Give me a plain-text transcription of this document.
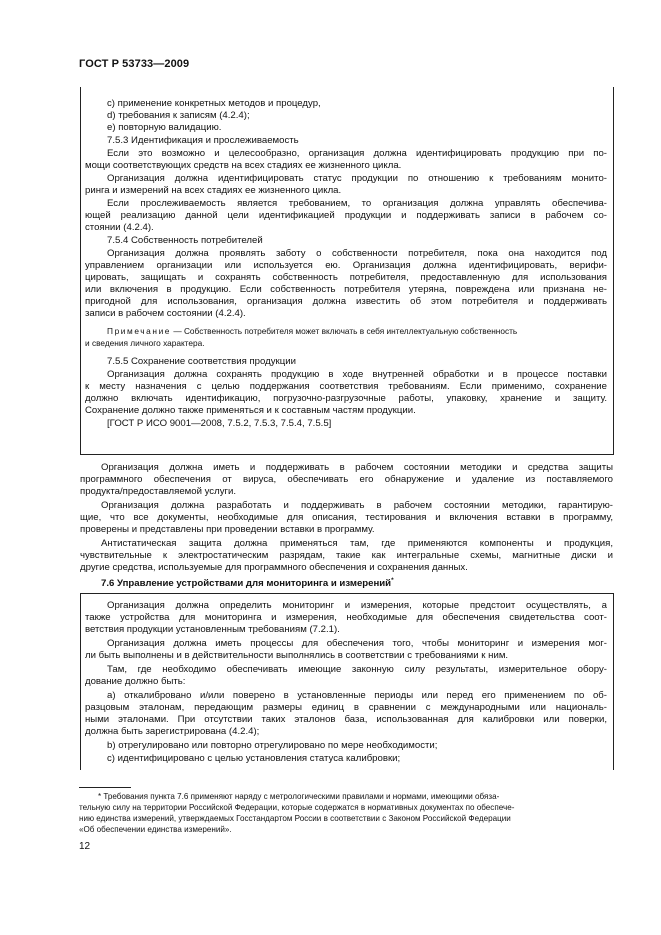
ГОСТ Р 53733—2009
c) применение конкретных методов и процедур,
d) требования к записям (4.2.4);
e) повторную валидацию.
7.5.3 Идентификация и прослеживаемость
Если это возможно и целесообразно, организация должна идентифицировать продукцию при по-
мощи соответствующих средств на всех стадиях ее жизненного цикла.
Организация должна идентифицировать статус продукции по отношению к требованиям монито-
ринга и измерений на всех стадиях ее жизненного цикла.
Если прослеживаемость является требованием, то организация должна управлять обеспечива-
ющей реализацию данной цели идентификацией продукции и поддерживать записи в рабочем со-
стоянии (4.2.4).
7.5.4 Собственность потребителей
Организация должна проявлять заботу о собственности потребителя, пока она находится под
управлением организации или используется ею. Организация должна идентифицировать, верифи-
цировать, защищать и сохранять собственность потребителя, предоставленную для использования
или включения в продукцию. Если собственность потребителя утеряна, повреждена или признана не-
пригодной для использования, организация должна известить об этом потребителя и поддерживать
записи в рабочем состоянии (4.2.4).
Примечание — Собственность потребителя может включать в себя интеллектуальную собственность
и сведения личного характера.
7.5.5 Сохранение соответствия продукции
Организация должна сохранять продукцию в ходе внутренней обработки и в процессе поставки
к месту назначения с целью поддержания соответствия требованиям. Если применимо, сохранение
должно включать идентификацию, погрузочно-разгрузочные работы, упаковку, хранение и защиту.
Сохранение должно также применяться и к составным частям продукции.
[ГОСТ Р ИСО 9001—2008, 7.5.2, 7.5.3, 7.5.4, 7.5.5]
Организация должна иметь и поддерживать в рабочем состоянии методики и средства защиты
программного обеспечения от вируса, обеспечивать его обнаружение и удаление из поставляемого
продукта/предоставляемой услуги.
Организация должна разработать и поддерживать в рабочем состоянии методики, гарантирую-
щие, что все документы, необходимые для описания, тестирования и включения вставки в программу,
проверены и представлены при проведении вставки в программу.
Антистатическая защита должна применяться там, где применяются компоненты и продукция,
чувствительные к электростатическим разрядам, такие как интегральные схемы, магнитные диски и
другие средства, используемые для программного обеспечения и сохранения данных.
7.6 Управление устройствами для мониторинга и измерений*
Организация должна определить мониторинг и измерения, которые предстоит осуществлять, а
также устройства для мониторинга и измерения, необходимые для обеспечения свидетельства соот-
ветствия продукции установленным требованиям (7.2.1).
Организация должна иметь процессы для обеспечения того, чтобы мониторинг и измерения мог-
ли быть выполнены и в действительности выполнялись в соответствии с требованиями к ним.
Там, где необходимо обеспечивать имеющие законную силу результаты, измерительное обору-
дование должно быть:
a) откалибровано и/или поверено в установленные периоды или перед его применением по об-
разцовым эталонам, передающим размеры единиц в сравнении с международными или националь-
ными эталонами. При отсутствии таких эталонов база, использованная для калибровки или поверки,
должна быть зарегистрирована (4.2.4);
b) отрегулировано или повторно отрегулировано по мере необходимости;
c) идентифицировано с целью установления статуса калибровки;
* Требования пункта 7.6 применяют наряду с метрологическими правилами и нормами, имеющими обяза-
тельную силу на территории Российской Федерации, которые содержатся в нормативных документах по обеспече-
нию единства измерений, утверждаемых Госстандартом России в соответствии с Законом Российской Федерации
«Об обеспечении единства измерений».
12
